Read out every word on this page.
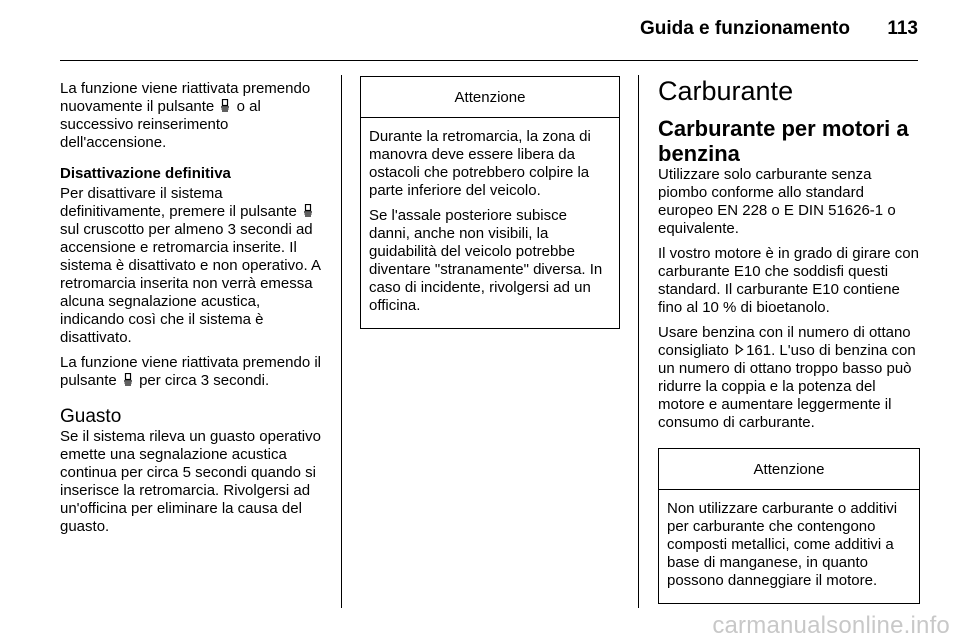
Guida e funzionamento 113

La funzione viene riattivata premendo nuovamente il pulsante o al successivo reinserimento dell'accensione.

Disattivazione definitiva

Per disattivare il sistema definitivamente, premere il pulsante  sul cruscotto per almeno 3 secondi ad accensione e retromarcia inserite. Il sistema è disattivato e non operativo. A retromarcia inserita non verrà emessa alcuna segnalazione acustica, indicando così che il sistema è disattivato.

La funzione viene riattivata premendo il pulsante per circa 3 secondi.

Guasto

Se il sistema rileva un guasto operativo emette una segnalazione acustica continua per circa 5 secondi quando si inserisce la retromarcia. Rivolgersi ad un'officina per eliminare la causa del guasto.

Attenzione

Durante la retromarcia, la zona di manovra deve essere libera da ostacoli che potrebbero colpire la parte inferiore del veicolo.

Se l'assale posteriore subisce danni, anche non visibili, la guidabilità del veicolo potrebbe diventare "stranamente" diversa. In caso di incidente, rivolgersi ad un officina.

Carburante
Carburante per motori a benzina

Utilizzare solo carburante senza piombo conforme allo standard europeo EN 228 o E DIN 51626-1 o equivalente.

Il vostro motore è in grado di girare con carburante E10 che soddisfi questi standard. Il carburante E10 contiene fino al 10 % di bioetanolo.

Usare benzina con il numero di ottano consigliato 161. L'uso di benzina con un numero di ottano troppo basso può ridurre la coppia e la potenza del motore e aumentare leggermente il consumo di carburante.

Attenzione

Non utilizzare carburante o additivi per carburante che contengono composti metallici, come additivi a base di manganese, in quanto possono danneggiare il motore.

carmanualsonline.info
